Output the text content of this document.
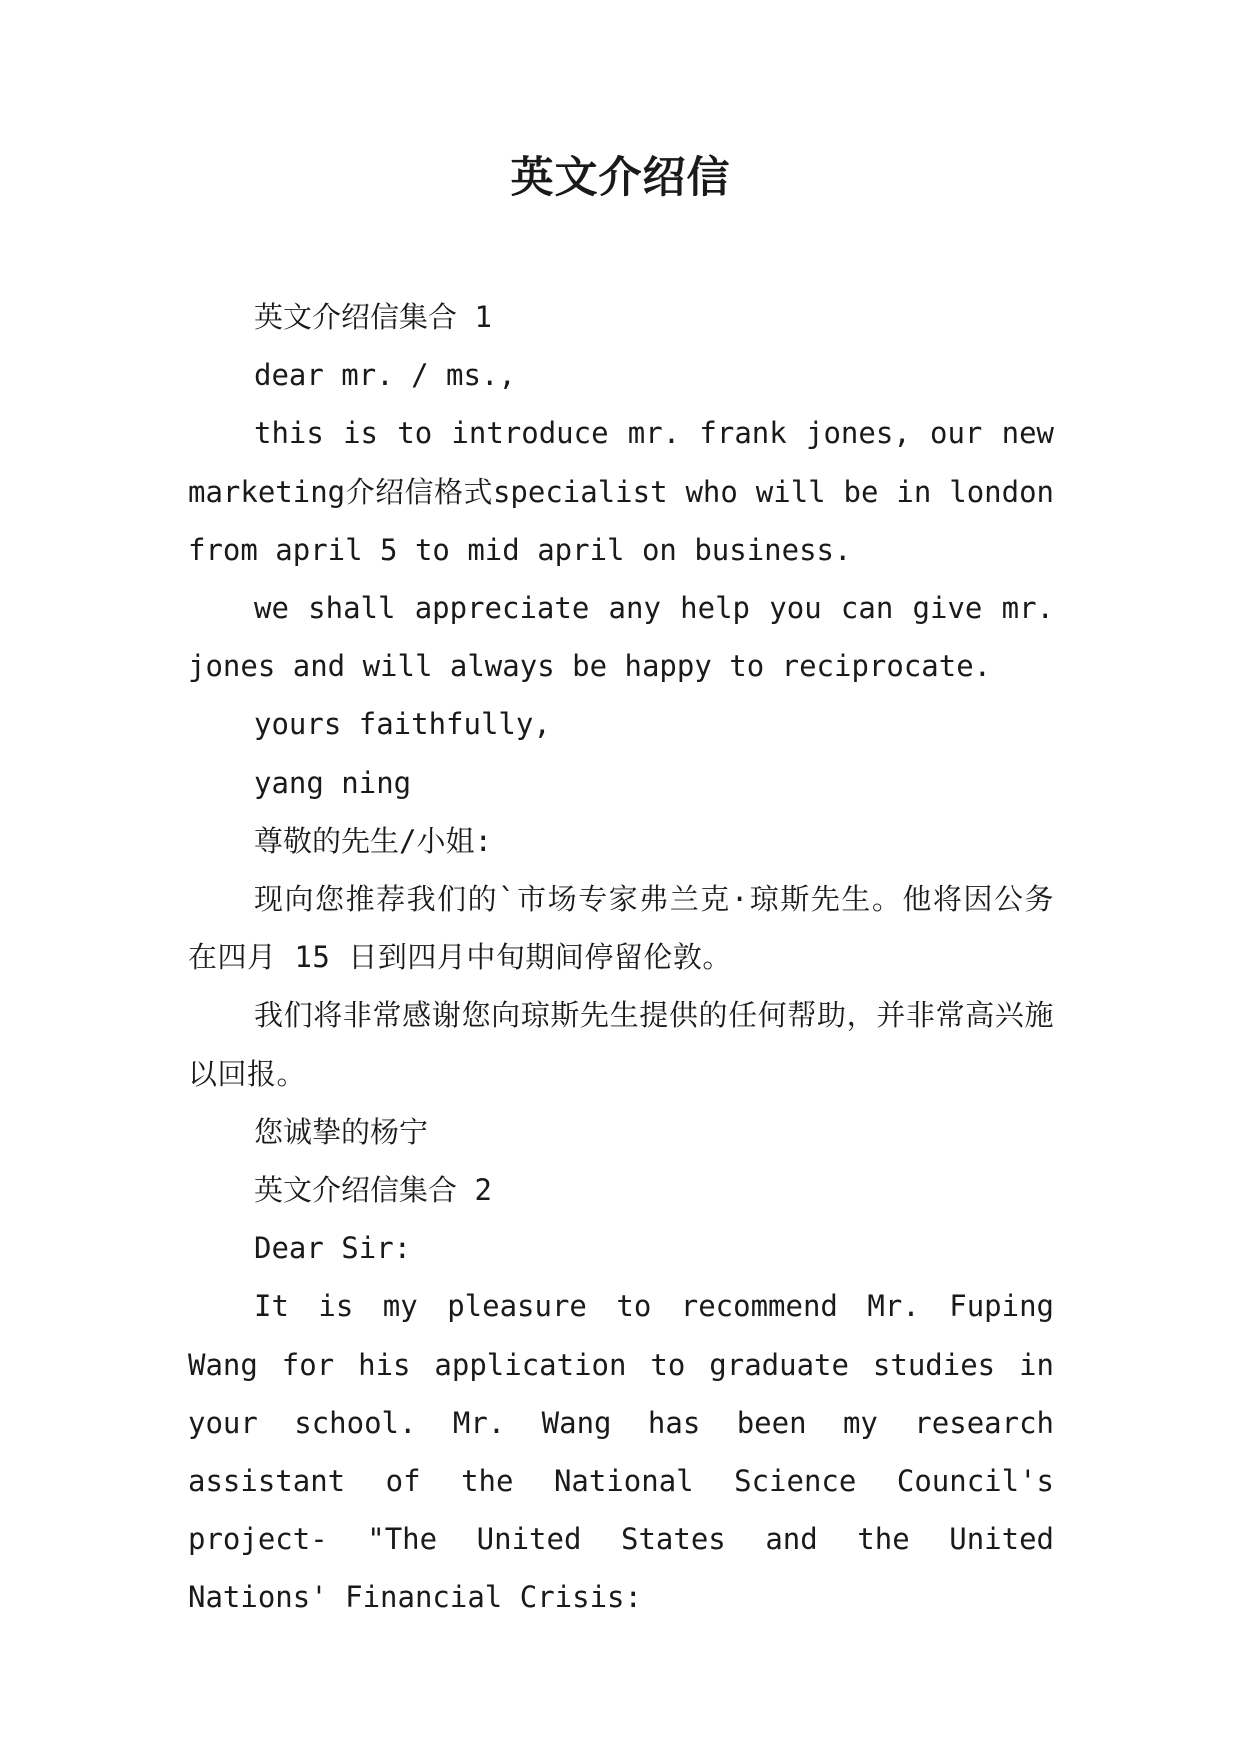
英文介绍信

英文介绍信集合 1

dear mr. / ms.,

this is to introduce mr. frank jones, our new marketing介绍信格式specialist who will be in london from april 5 to mid april on business.

we shall appreciate any help you can give mr. jones and will always be happy to reciprocate.

yours faithfully,

yang ning

尊敬的先生/小姐:

现向您推荐我们的`市场专家弗兰克·琼斯先生。他将因公务在四月 15 日到四月中旬期间停留伦敦。

我们将非常感谢您向琼斯先生提供的任何帮助，并非常高兴施以回报。

您诚挚的杨宁

英文介绍信集合 2

Dear Sir:

It is my pleasure to recommend Mr. Fuping Wang for his application to graduate studies in your school. Mr. Wang has been my research assistant of the National Science Council's project- "The United States and the United Nations' Financial Crisis:
